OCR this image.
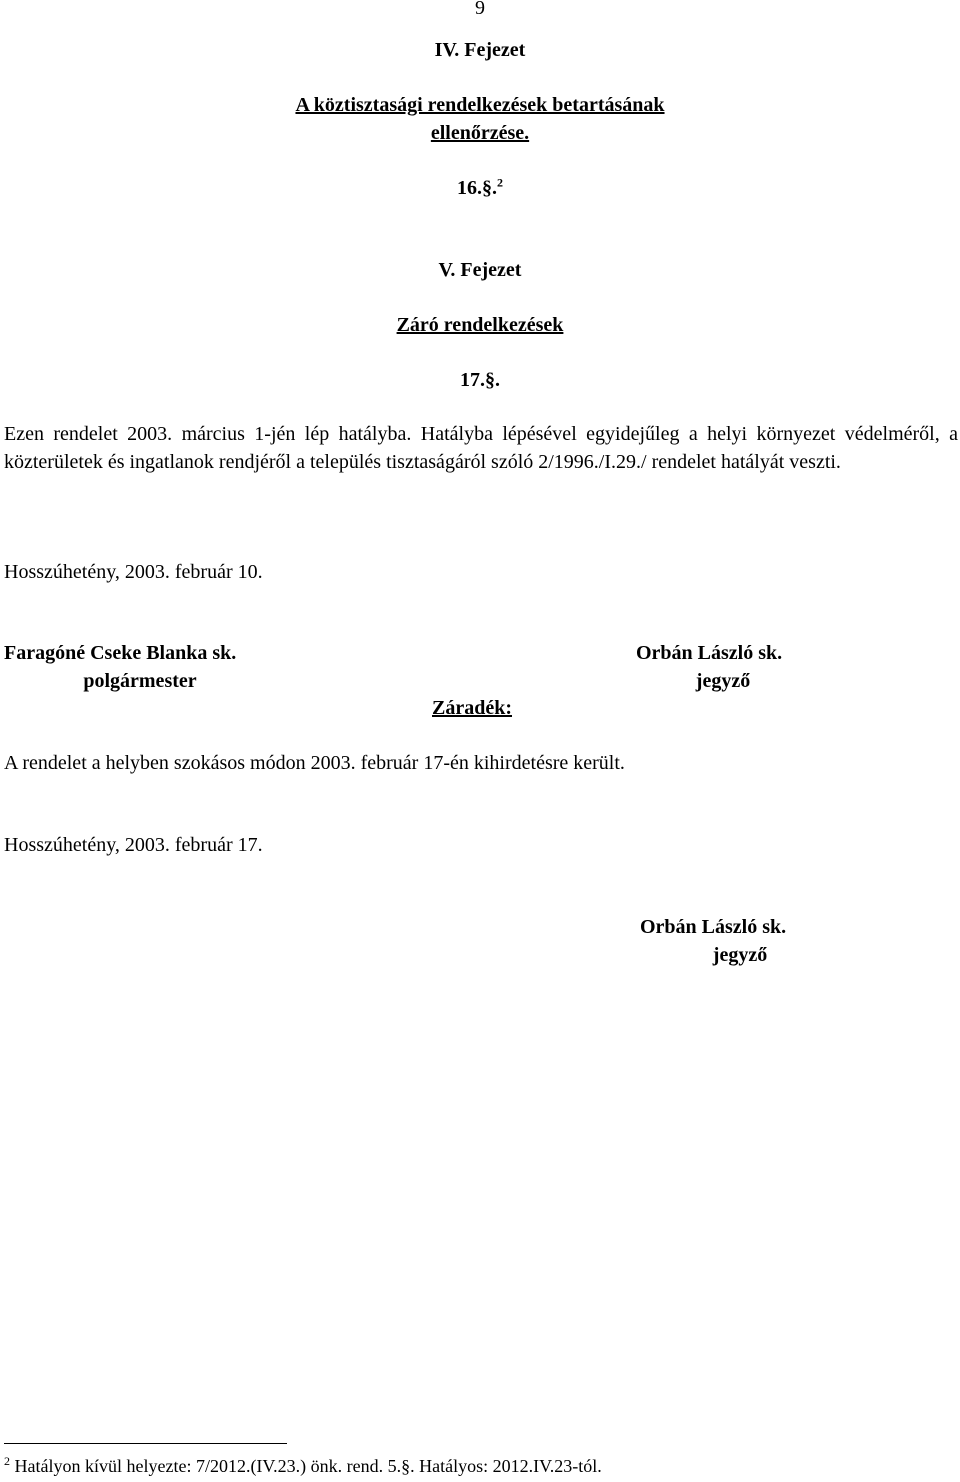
9
IV. Fejezet
A köztisztasági rendelkezések betartásának
ellenőrzése.
16.§.$^2$
V. Fejezet
Záró rendelkezések
17.§.
Ezen rendelet 2003. március 1-jén lép hatályba. Hatályba lépésével egyidejűleg a helyi környezet védelméről, a közterületek és ingatlanok rendjéről a település tisztaságáról szóló 2/1996./I.29./ rendelet hatályát veszti.
Hosszúhetény, 2003. február 10.
Faragóné Cseke Blanka sk.
polgármester
Orbán László sk.
jegyző
Záradék:
A rendelet a helyben szokásos módon 2003. február 17-én kihirdetésre került.
Hosszúhetény, 2003. február 17.
Orbán László sk.
jegyző
$^2$ Hatályon kívül helyezte: 7/2012.(IV.23.) önk. rend. 5.§. Hatályos: 2012.IV.23-tól.
